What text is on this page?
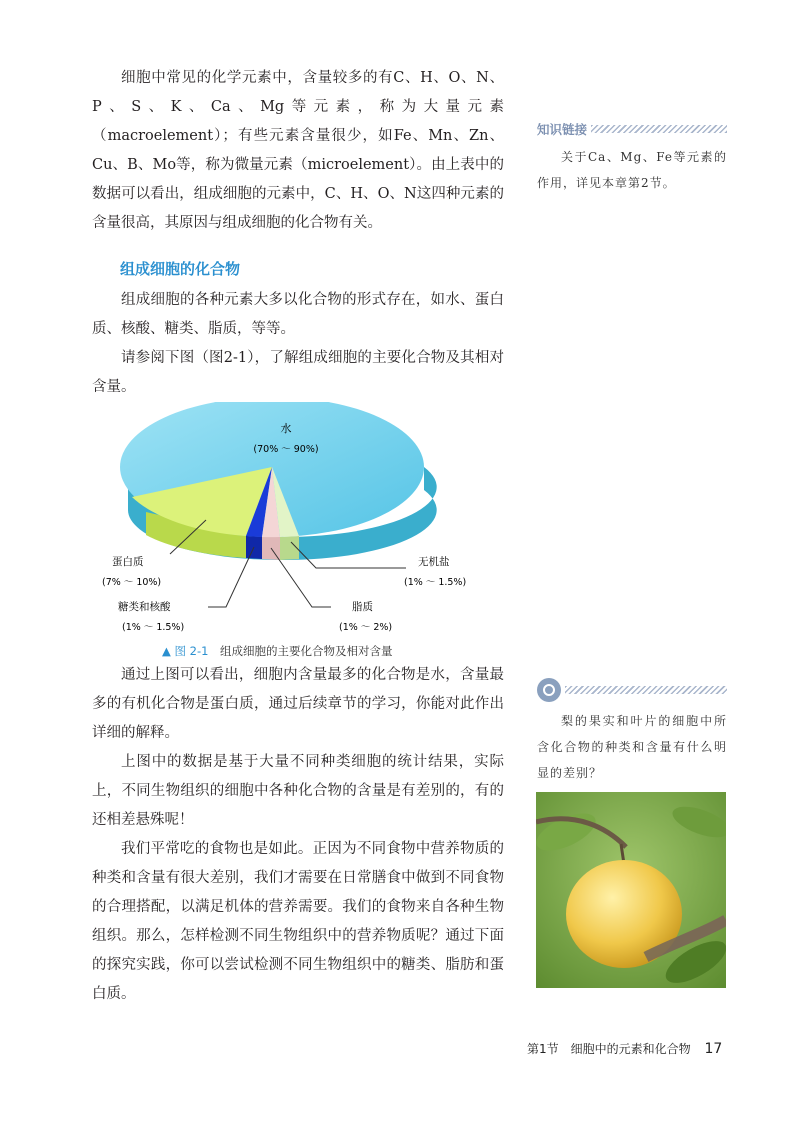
细胞中常见的化学元素中，含量较多的有C、H、O、N、P、S、K、Ca、Mg等元素，称为大量元素（macroelement）；有些元素含量很少，如Fe、Mn、Zn、Cu、B、Mo等，称为微量元素（microelement）。由上表中的数据可以看出，组成细胞的元素中，C、H、O、N这四种元素的含量很高，其原因与组成细胞的化合物有关。

组成细胞的化合物

组成细胞的各种元素大多以化合物的形式存在，如水、蛋白质、核酸、糖类、脂质，等等。

请参阅下图（图2-1），了解组成细胞的主要化合物及其相对含量。

水
(70% ～ 90%)
蛋白质
(7% ～ 10%)
糖类和核酸
(1% ～ 1.5%)
脂质
(1% ～ 2%)
无机盐
(1% ～ 1.5%)
▲ 图 2-1　 组成细胞的主要化合物及相对含量

通过上图可以看出，细胞内含量最多的化合物是水，含量最多的有机化合物是蛋白质，通过后续章节的学习，你能对此作出详细的解释。

上图中的数据是基于大量不同种类细胞的统计结果，实际上，不同生物组织的细胞中各种化合物的含量是有差别的，有的还相差悬殊呢！

我们平常吃的食物也是如此。正因为不同食物中营养物质的种类和含量有很大差别，我们才需要在日常膳食中做到不同食物的合理搭配，以满足机体的营养需要。我们的食物来自各种生物组织。那么，怎样检测不同生物组织中的营养物质呢？通过下面的探究实践，你可以尝试检测不同生物组织中的糖类、脂肪和蛋白质。

知识链接

关于Ca、Mg、Fe等元素的作用，详见本章第2节。

梨的果实和叶片的细胞中所含化合物的种类和含量有什么明显的差别？

第1节　细胞中的元素和化合物 17
